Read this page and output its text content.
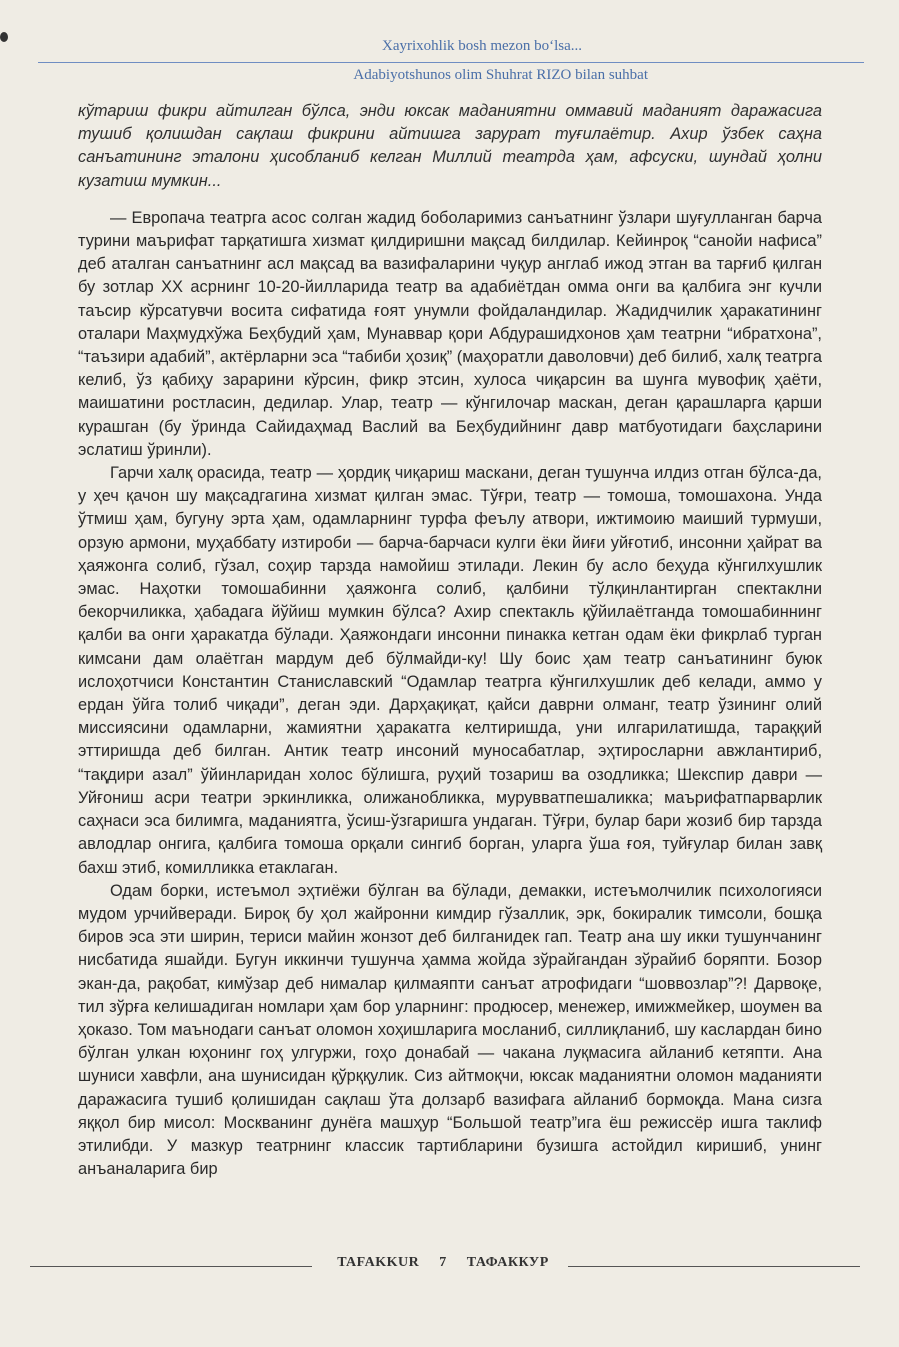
Xayrixohlik bosh mezon bo‘lsa...
Adabiyotshunos olim Shuhrat RIZO bilan suhbat

кўтариш фикри айтилган бўлса, энди юксак маданиятни оммавий маданият даражасига тушиб қолишдан сақлаш фикрини айтишга зарурат туғилаётир. Ахир ўзбек саҳна санъатининг эталони ҳисобланиб келган Миллий театрда ҳам, афсуски, шундай ҳолни кузатиш мумкин...

— Европача театрга асос солган жадид боболаримиз санъатнинг ўзлари шуғулланган барча турини маърифат тарқатишга хизмат қилдиришни мақсад билдилар. Кейинроқ “санойи нафиса” деб аталган санъатнинг асл мақсад ва вазифаларини чуқур англаб ижод этган ва тарғиб қилган бу зотлар XX асрнинг 10-20-йилларида театр ва адабиётдан омма онги ва қалбига энг кучли таъсир кўрсатувчи восита сифатида ғоят унумли фойдаландилар. Жадидчилик ҳаракатининг оталари Маҳмудхўжа Беҳбудий ҳам, Мунаввар қори Абдурашидхонов ҳам театрни “ибратхона”, “таъзири адабий”, актёрларни эса “табиби ҳозиқ” (маҳоратли даволовчи) деб билиб, халқ театрга келиб, ўз қабиҳу зарарини кўрсин, фикр этсин, хулоса чиқарсин ва шунга мувофиқ ҳаёти, маишатини ростласин, дедилар. Улар, театр — кўнгилочар маскан, деган қарашларга қарши курашган (бу ўринда Сайидаҳмад Васлий ва Беҳбудийнинг давр матбуотидаги баҳсларини эслатиш ўринли).

Гарчи халқ орасида, театр — ҳордиқ чиқариш маскани, деган тушунча илдиз отган бўлса-да, у ҳеч қачон шу мақсадгагина хизмат қилган эмас. Тўғри, театр — томоша, томошахона. Унда ўтмиш ҳам, бугуну эрта ҳам, одамларнинг турфа феълу атвори, ижтимоию маиший турмуши, орзую армони, муҳаббату изтироби — барча-барчаси кулги ёки йиғи уйғотиб, инсонни ҳайрат ва ҳаяжонга солиб, гўзал, соҳир тарзда намойиш этилади. Лекин бу асло беҳуда кўнгилхушлик эмас. Наҳотки томошабинни ҳаяжонга солиб, қалбини тўлқинлантирган спектаклни бекорчиликка, ҳабадага йўйиш мумкин бўлса? Ахир спектакль қўйилаётганда томошабиннинг қалби ва онги ҳаракатда бўлади. Ҳаяжондаги инсонни пинакка кетган одам ёки фикрлаб турган кимсани дам олаётган мардум деб бўлмайди-ку! Шу боис ҳам театр санъатининг буюк ислоҳотчиси Константин Станиславский “Одамлар театрга кўнгилхушлик деб келади, аммо у ердан ўйга толиб чиқади”, деган эди. Дарҳақиқат, қайси даврни олманг, театр ўзининг олий миссиясини одамларни, жамиятни ҳаракатга келтиришда, уни илгарилатишда, тараққий эттиришда деб билган. Антик театр инсоний муносабатлар, эҳтиросларни авжлантириб, “тақдири азал” ўйинларидан холос бўлишга, руҳий тозариш ва озодликка; Шекспир даври — Уйғониш асри театри эркинликка, олижанобликка, мурувватпешаликка; маърифатпарварлик саҳнаси эса билимга, маданиятга, ўсиш-ўзгаришга ундаган. Тўғри, булар бари жозиб бир тарзда авлодлар онгига, қалбига томоша орқали сингиб борган, уларга ўша ғоя, туйғулар билан завқ бахш этиб, комилликка етаклаган.

Одам борки, истеъмол эҳтиёжи бўлган ва бўлади, демакки, истеъмолчилик психологияси мудом урчийверади. Бироқ бу ҳол жайронни кимдир гўзаллик, эрк, бокиралик тимсоли, бошқа биров эса эти ширин, териси майин жонзот деб билганидек гап. Театр ана шу икки тушунчанинг нисбатида яшайди. Бугун иккинчи тушунча ҳамма жойда зўрайгандан зўрайиб боряпти. Бозор экан-да, рақобат, кимўзар деб нималар қилмаяпти санъат атрофидаги “шоввозлар”?! Дарвоқе, тил зўрға келишадиган номлари ҳам бор уларнинг: продюсер, менежер, имижмейкер, шоумен ва ҳоказо. Том маънодаги санъат оломон хоҳишларига мосланиб, силлиқланиб, шу каслардан бино бўлган улкан юҳонинг гоҳ улгуржи, гоҳо донабай — чакана луқмасига айланиб кетяпти. Ана шуниси хавфли, ана шунисидан қўрққулик. Сиз айтмоқчи, юксак маданиятни оломон маданияти даражасига тушиб қолишидан сақлаш ўта долзарб вазифага айланиб бормоқда. Мана сизга яққол бир мисол: Москванинг дунёга машҳур “Большой театр”ига ёш режиссёр ишга таклиф этилибди. У мазкур театрнинг классик тартибларини бузишга астойдил киришиб, унинг анъаналарига бир

TAFAKKUR 7 ТАФАККУР
